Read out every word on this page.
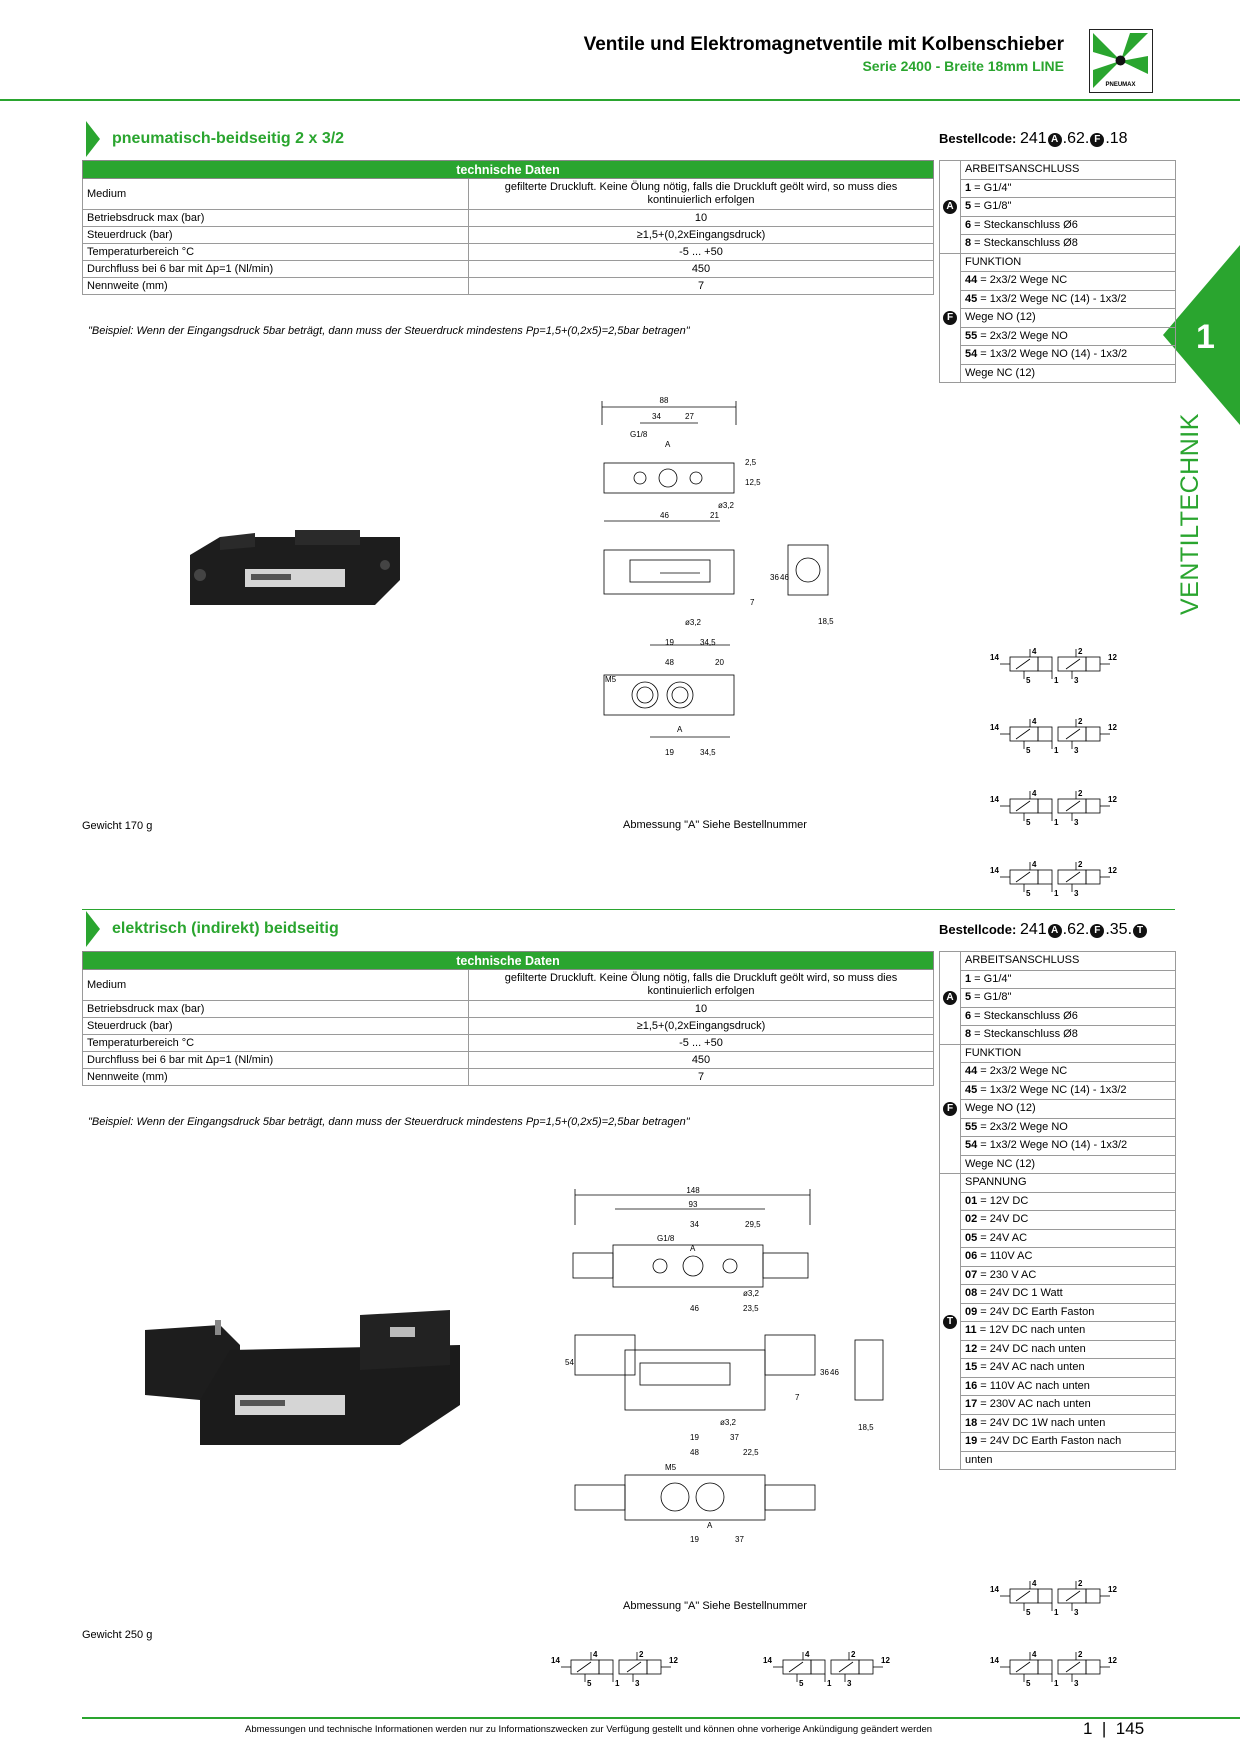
Ventile und Elektromagnetventile mit Kolbenschieber
Serie 2400 - Breite 18mm LINE
PNEUMAX
1
VENTILTECHNIK
pneumatisch-beidseitig 2 x 3/2	Bestellcode: 241 A .62. F .18
technische Daten	
Medium	gefilterte Druckluft. Keine Ölung nötig, falls die Druckluft geölt wird, so muss dies kontinuierlich erfolgen
Betriebsdruck max (bar)	10
Steuerdruck (bar)	≥1,5+(0,2xEingangsdruck)
Temperaturbereich °C	-5 ... +50
Durchfluss bei 6 bar mit Δp=1 (Nl/min)	450
Nennweite (mm)	7
A	ARBEITSANSCHLUSS
	1 = G1/4"
	5 = G1/8"
	6 = Steckanschluss Ø6
	8 = Steckanschluss Ø8
F	FUNKTION
	44 = 2x3/2 Wege NC
	45 = 1x3/2 Wege NC (14) - 1x3/2
	Wege NO (12)
	55 = 2x3/2 Wege NO
	54 = 1x3/2 Wege NO (14) - 1x3/2
	Wege NC (12)
"Beispiel: Wenn der Eingangsdruck 5bar beträgt, dann muss der Steuerdruck mindestens Pp=1,5+(0,2x5)=2,5bar betragen"
88
34	27
G1/8
A
2,5
12,5
ø3,2
46	21
36 46
7
18,5
ø3,2
19	34,5
48	20
M5
A
19	34,5
Gewicht 170 g	Abmessung "A" Siehe Bestellnummer
14	12
4	2
5	1 3
14	12
4	2
5	1 3
14	12
4	2
5	1 3
14	12
4	2
5	1 3
elektrisch (indirekt) beidseitig	Bestellcode: 241 A .62. F .35. T
technische Daten	
Medium	gefilterte Druckluft. Keine Ölung nötig, falls die Druckluft geölt wird, so muss dies kontinuierlich erfolgen
Betriebsdruck max (bar)	10
Steuerdruck (bar)	≥1,5+(0,2xEingangsdruck)
Temperaturbereich °C	-5 ... +50
Durchfluss bei 6 bar mit Δp=1 (Nl/min)	450
Nennweite (mm)	7
A	ARBEITSANSCHLUSS
	1 = G1/4"
	5 = G1/8"
	6 = Steckanschluss Ø6
	8 = Steckanschluss Ø8
F	FUNKTION
	44 = 2x3/2 Wege NC
	45 = 1x3/2 Wege NC (14) - 1x3/2
	Wege NO (12)
	55 = 2x3/2 Wege NO
	54 = 1x3/2 Wege NO (14) - 1x3/2
	Wege NC (12)
T	SPANNUNG
	01 = 12V DC
	02 = 24V DC
	05 = 24V AC
	06 = 110V AC
	07 = 230 V AC
	08 = 24V DC 1 Watt
	09 = 24V DC Earth Faston
	11 = 12V DC nach unten
	12 = 24V DC nach unten
	15 = 24V AC nach unten
	16 = 110V AC nach unten
	17 = 230V AC nach unten
	18 = 24V DC 1W nach unten
	19 = 24V DC Earth Faston nach
	unten
"Beispiel: Wenn der Eingangsdruck 5bar beträgt, dann muss der Steuerdruck mindestens Pp=1,5+(0,2x5)=2,5bar betragen"
148
93
34	29,5
G1/8
A
ø3,2
46	23,5
54
36 46
7
18,5
ø3,2
19	37
48	22,5
M5
A
19	37
Abmessung "A" Siehe Bestellnummer
Gewicht 250 g
14	12
4	2
5	1 3
14	12
4	2
5	1 3
14	12
4	2
5	1 3
14	12
4	2
5	1 3
Abmessungen und technische Informationen werden nur zu Informationszwecken zur Verfügung gestellt und können ohne vorherige Ankündigung geändert werden	1  |  145
